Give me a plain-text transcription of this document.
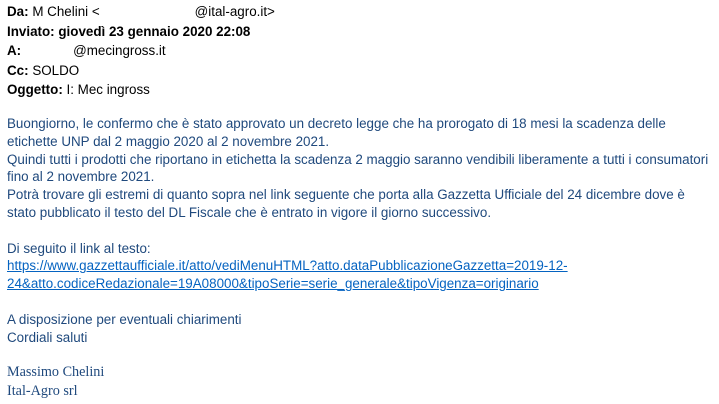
Da: M Chelini <	@ital-agro.it>
Inviato: giovedì 23 gennaio 2020 22:08
A:	@mecingross.it
Cc: SOLDO
Oggetto: I: Mec ingross

Buongiorno, le confermo che è stato approvato un decreto legge che ha prorogato di 18 mesi la scadenza delle etichette UNP dal 2 maggio 2020 al 2 novembre 2021.

Quindi tutti i prodotti che riportano in etichetta la scadenza 2 maggio saranno vendibili liberamente a tutti i consumatori fino al 2 novembre 2021.

Potrà trovare gli estremi di quanto sopra nel link seguente che porta alla Gazzetta Ufficiale del 24 dicembre dove è stato pubblicato il testo del DL Fiscale che è entrato in vigore il giorno successivo.

Di seguito il link al testo:

https://www.gazzettaufficiale.it/atto/vediMenuHTML?atto.dataPubblicazioneGazzetta=2019-12-
24&atto.codiceRedazionale=19A08000&tipoSerie=serie_generale&tipoVigenza=originario

A disposizione per eventuali chiarimenti

Cordiali saluti

Massimo Chelini
Ital-Agro srl
